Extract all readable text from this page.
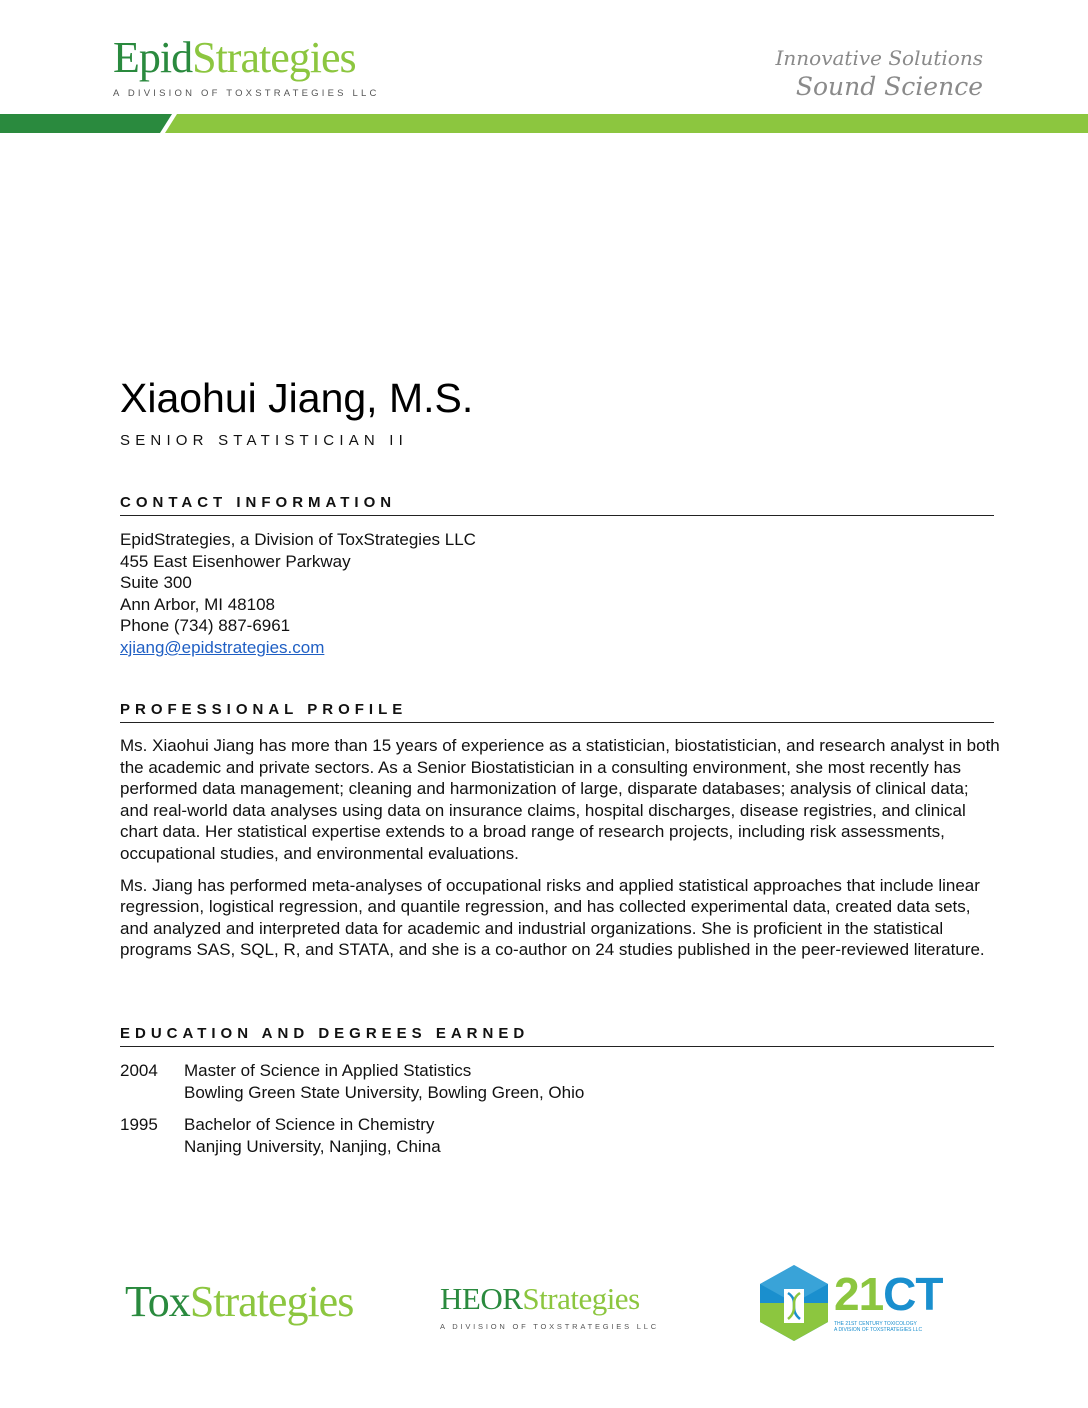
EpidStrategies
A DIVISION OF TOXSTRATEGIES LLC
Innovative Solutions
Sound Science
Xiaohui Jiang, M.S.
SENIOR STATISTICIAN II
CONTACT INFORMATION
EpidStrategies, a Division of ToxStrategies LLC
455 East Eisenhower Parkway
Suite 300
Ann Arbor, MI 48108
Phone (734) 887-6961
xjiang@epidstrategies.com
PROFESSIONAL PROFILE

Ms. Xiaohui Jiang has more than 15 years of experience as a statistician, biostatistician, and research analyst in both the academic and private sectors. As a Senior Biostatistician in a consulting environment, she most recently has performed data management; cleaning and harmonization of large, disparate databases; analysis of clinical data; and real-world data analyses using data on insurance claims, hospital discharges, disease registries, and clinical chart data. Her statistical expertise extends to a broad range of research projects, including risk assessments, occupational studies, and environmental evaluations.

Ms. Jiang has performed meta-analyses of occupational risks and applied statistical approaches that include linear regression, logistical regression, and quantile regression, and has collected experimental data, created data sets, and analyzed and interpreted data for academic and industrial organizations. She is proficient in the statistical programs SAS, SQL, R, and STATA, and she is a co-author on 24 studies published in the peer-reviewed literature.

EDUCATION AND DEGREES EARNED
2004	Master of Science in Applied Statistics
Bowling Green State University, Bowling Green, Ohio
1995	Bachelor of Science in Chemistry
Nanjing University, Nanjing, China
ToxStrategies	HEORStrategies
A DIVISION OF TOXSTRATEGIES LLC
21CT
THE 21ST CENTURY TOXICOLOGY
A DIVISION OF TOXSTRATEGIES LLC
